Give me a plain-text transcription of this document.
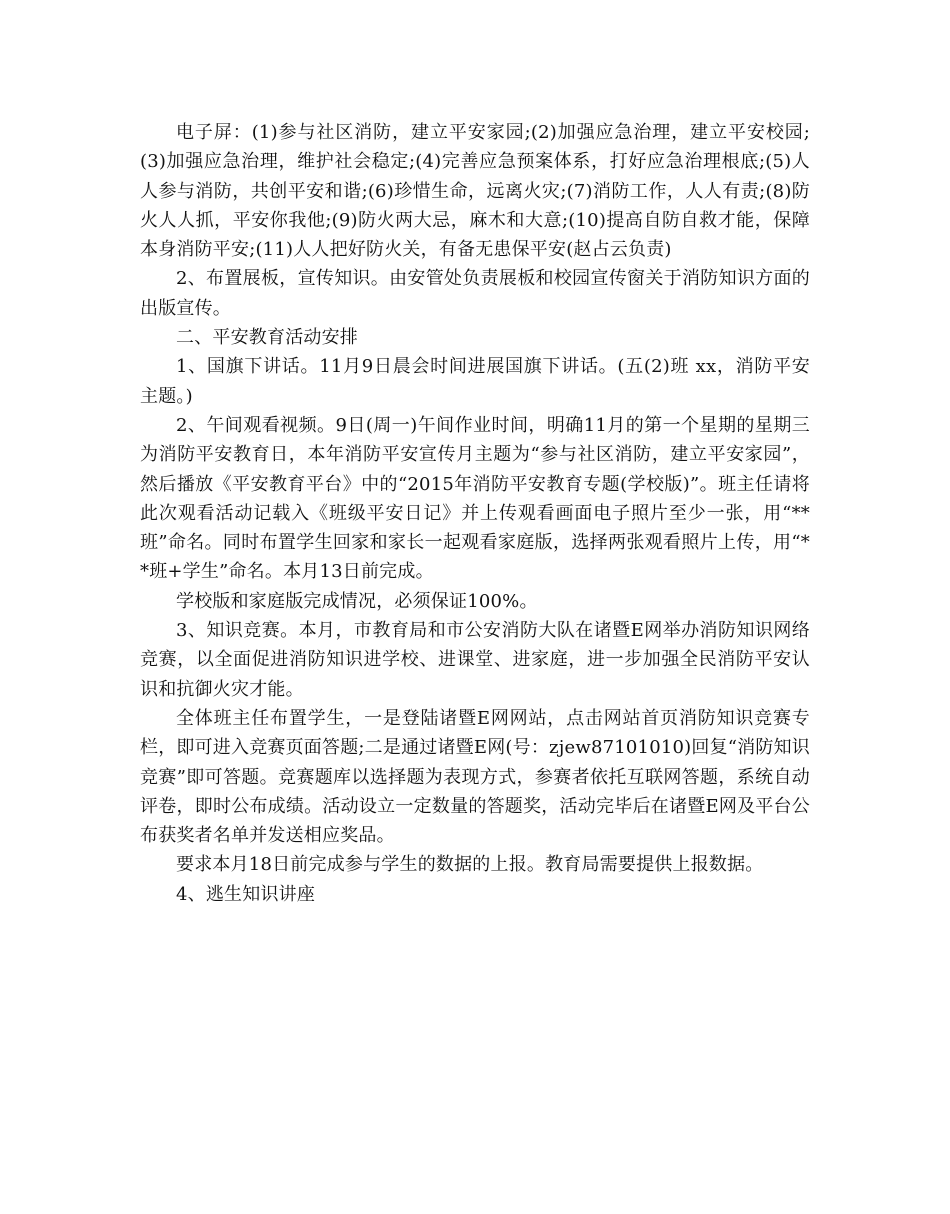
电子屏：(1)参与社区消防，建立平安家园;(2)加强应急治理，建立平安校园;(3)加强应急治理，维护社会稳定;(4)完善应急预案体系，打好应急治理根底;(5)人人参与消防，共创平安和谐;(6)珍惜生命，远离火灾;(7)消防工作，人人有责;(8)防火人人抓，平安你我他;(9)防火两大忌，麻木和大意;(10)提高自防自救才能，保障本身消防平安;(11)人人把好防火关，有备无患保平安(赵占云负责)

2、布置展板，宣传知识。由安管处负责展板和校园宣传窗关于消防知识方面的出版宣传。

二、平安教育活动安排

1、国旗下讲话。11月9日晨会时间进展国旗下讲话。(五(2)班 xx，消防平安主题。)

2、午间观看视频。9日(周一)午间作业时间，明确11月的第一个星期的星期三为消防平安教育日，本年消防平安宣传月主题为“参与社区消防，建立平安家园”，然后播放《平安教育平台》中的“2015年消防平安教育专题(学校版)”。班主任请将此次观看活动记载入《班级平安日记》并上传观看画面电子照片至少一张，用“**班”命名。同时布置学生回家和家长一起观看家庭版，选择两张观看照片上传，用“**班+学生”命名。本月13日前完成。

学校版和家庭版完成情况，必须保证100%。

3、知识竞赛。本月，市教育局和市公安消防大队在诸暨E网举办消防知识网络竞赛，以全面促进消防知识进学校、进课堂、进家庭，进一步加强全民消防平安认识和抗御火灾才能。

全体班主任布置学生，一是登陆诸暨E网网站，点击网站首页消防知识竞赛专栏，即可进入竞赛页面答题;二是通过诸暨E网(号：zjew87101010)回复“消防知识竞赛”即可答题。竞赛题库以选择题为表现方式，参赛者依托互联网答题，系统自动评卷，即时公布成绩。活动设立一定数量的答题奖，活动完毕后在诸暨E网及平台公布获奖者名单并发送相应奖品。

要求本月18日前完成参与学生的数据的上报。教育局需要提供上报数据。

4、逃生知识讲座
